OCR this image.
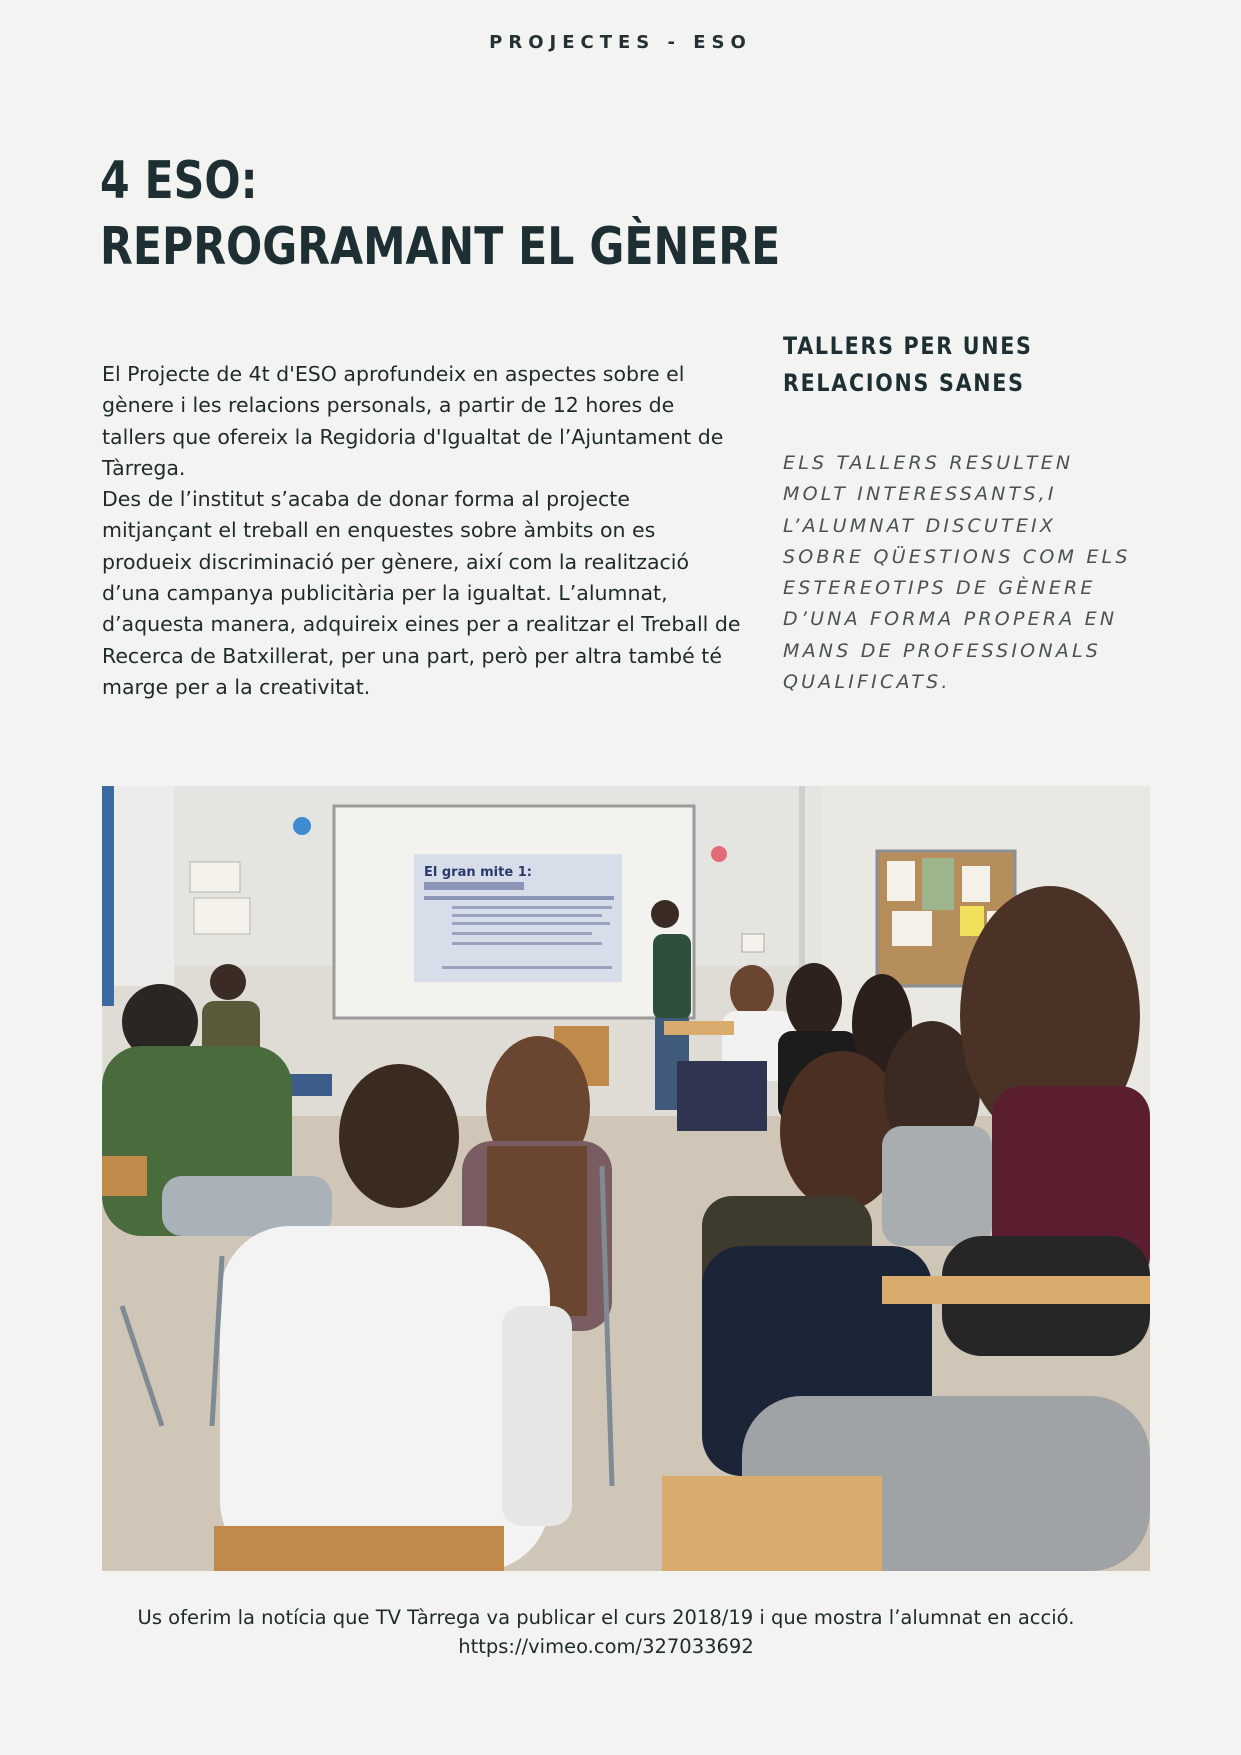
PROJECTES - ESO
4 ESO:
REPROGRAMANT EL GÈNERE

El Projecte de 4t d'ESO aprofundeix en aspectes sobre el gènere i les relacions personals, a partir de 12 hores de tallers que ofereix la Regidoria d'Igualtat de l’Ajuntament de Tàrrega.

Des de l’institut s’acaba de donar forma al projecte mitjançant el treball en enquestes sobre àmbits on es produeix discriminació per gènere, així com la realització d’una campanya publicitària per la igualtat. L’alumnat, d’aquesta manera, adquireix eines per a realitzar el Treball de Recerca de Batxillerat, per una part, però per altra també té marge per a la creativitat.

TALLERS PER UNES RELACIONS SANES
ELS TALLERS RESULTEN
MOLT INTERESSANTS,I
L’ALUMNAT DISCUTEIX
SOBRE QÜESTIONS COM ELS
ESTEREOTIPS DE GÈNERE
D’UNA FORMA PROPERA EN
MANS DE PROFESSIONALS
QUALIFICATS.
El gran mite 1:
Us oferim la notícia que TV Tàrrega va publicar el curs 2018/19 i que mostra l’alumnat en acció.
https://vimeo.com/327033692
